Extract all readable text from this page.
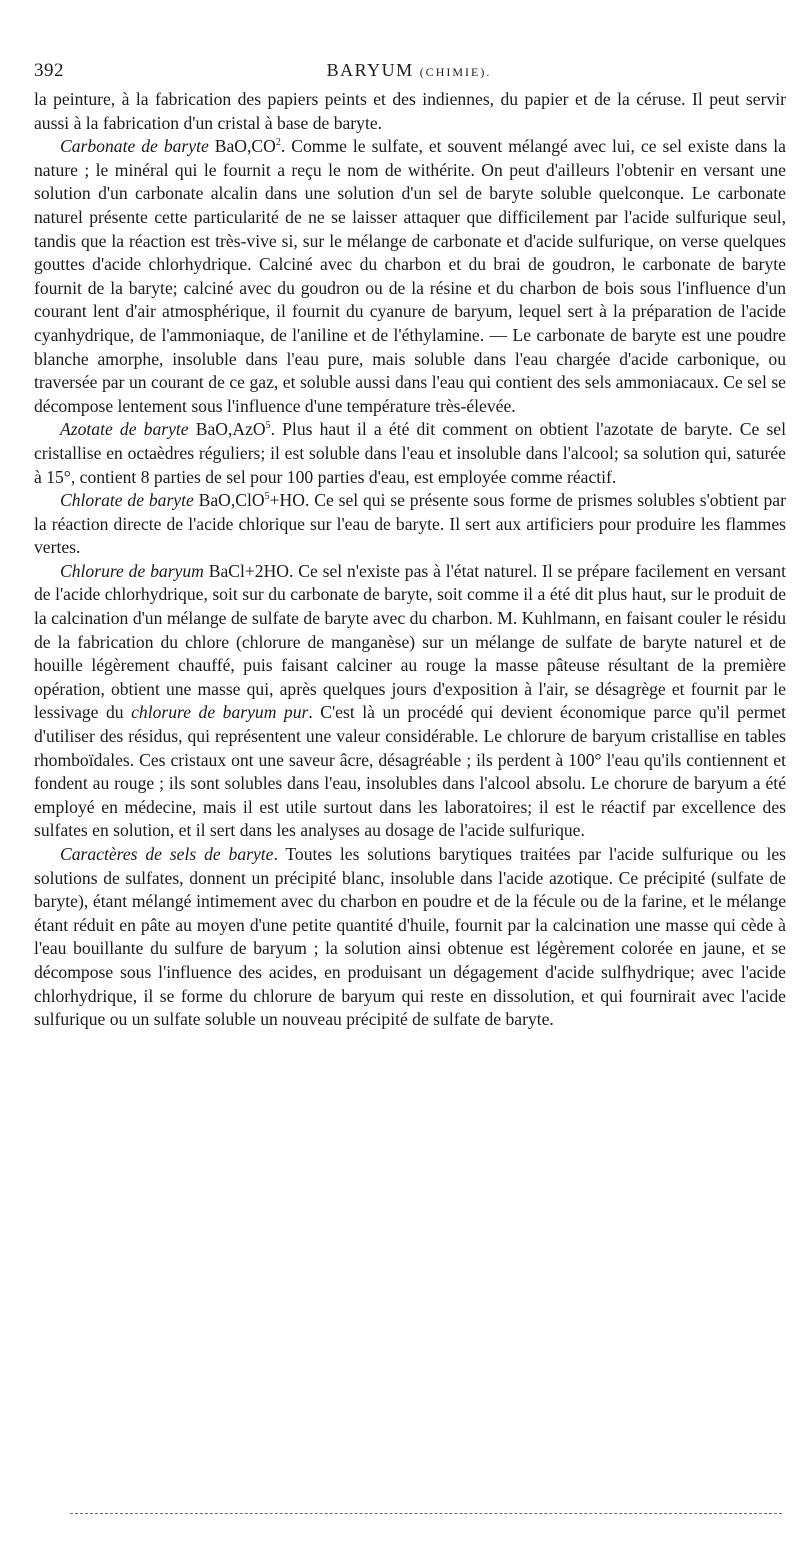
392	BARYUM (CHIMIE).

la peinture, à la fabrication des papiers peints et des indiennes, du papier et de la céruse. Il peut servir aussi à la fabrication d'un cristal à base de baryte.

Carbonate de baryte $BaO,CO^2$. Comme le sulfate, et souvent mélangé avec lui, ce sel existe dans la nature ; le minéral qui le fournit a reçu le nom de withérite. On peut d'ailleurs l'obtenir en versant une solution d'un carbonate alcalin dans une solution d'un sel de baryte soluble quelconque. Le carbonate naturel présente cette particularité de ne se laisser attaquer que difficilement par l'acide sulfurique seul, tandis que la réaction est très-vive si, sur le mélange de carbonate et d'acide sulfurique, on verse quelques gouttes d'acide chlorhydrique. Calciné avec du charbon et du brai de goudron, le carbonate de baryte fournit de la baryte; calciné avec du goudron ou de la résine et du charbon de bois sous l'influence d'un courant lent d'air atmosphérique, il fournit du cyanure de baryum, lequel sert à la préparation de l'acide cyanhydrique, de l'ammoniaque, de l'aniline et de l'éthylamine. — Le carbonate de baryte est une poudre blanche amorphe, insoluble dans l'eau pure, mais soluble dans l'eau chargée d'acide carbonique, ou traversée par un courant de ce gaz, et soluble aussi dans l'eau qui contient des sels ammoniacaux. Ce sel se décompose lentement sous l'influence d'une température très-élevée.

Azotate de baryte BaO,AzO$^5$. Plus haut il a été dit comment on obtient l'azotate de baryte. Ce sel cristallise en octaèdres réguliers; il est soluble dans l'eau et insoluble dans l'alcool; sa solution qui, saturée à 15°, contient 8 parties de sel pour 100 parties d'eau, est employée comme réactif.

Chlorate de baryte BaO,ClO$^5$+HO. Ce sel qui se présente sous forme de prismes solubles s'obtient par la réaction directe de l'acide chlorique sur l'eau de baryte. Il sert aux artificiers pour produire les flammes vertes.

Chlorure de baryum BaCl+2HO. Ce sel n'existe pas à l'état naturel. Il se prépare facilement en versant de l'acide chlorhydrique, soit sur du carbonate de baryte, soit comme il a été dit plus haut, sur le produit de la calcination d'un mélange de sulfate de baryte avec du charbon. M. Kuhlmann, en faisant couler le résidu de la fabrication du chlore (chlorure de manganèse) sur un mélange de sulfate de baryte naturel et de houille légèrement chauffé, puis faisant calciner au rouge la masse pâteuse résultant de la première opération, obtient une masse qui, après quelques jours d'exposition à l'air, se désagrège et fournit par le lessivage du chlorure de baryum pur. C'est là un procédé qui devient économique parce qu'il permet d'utiliser des résidus, qui représentent une valeur considérable. Le chlorure de baryum cristallise en tables rhomboïdales. Ces cristaux ont une saveur âcre, désagréable ; ils perdent à 100° l'eau qu'ils contiennent et fondent au rouge ; ils sont solubles dans l'eau, insolubles dans l'alcool absolu. Le chorure de baryum a été employé en médecine, mais il est utile surtout dans les laboratoires; il est le réactif par excellence des sulfates en solution, et il sert dans les analyses au dosage de l'acide sulfurique.

Caractères de sels de baryte. Toutes les solutions barytiques traitées par l'acide sulfurique ou les solutions de sulfates, donnent un précipité blanc, insoluble dans l'acide azotique. Ce précipité (sulfate de baryte), étant mélangé intimement avec du charbon en poudre et de la fécule ou de la farine, et le mélange étant réduit en pâte au moyen d'une petite quantité d'huile, fournit par la calcination une masse qui cède à l'eau bouillante du sulfure de baryum ; la solution ainsi obtenue est légèrement colorée en jaune, et se décompose sous l'influence des acides, en produisant un dégagement d'acide sulfhydrique; avec l'acide chlorhydrique, il se forme du chlorure de baryum qui reste en dissolution, et qui fournirait avec l'acide sulfurique ou un sulfate soluble un nouveau précipité de sulfate de baryte.
